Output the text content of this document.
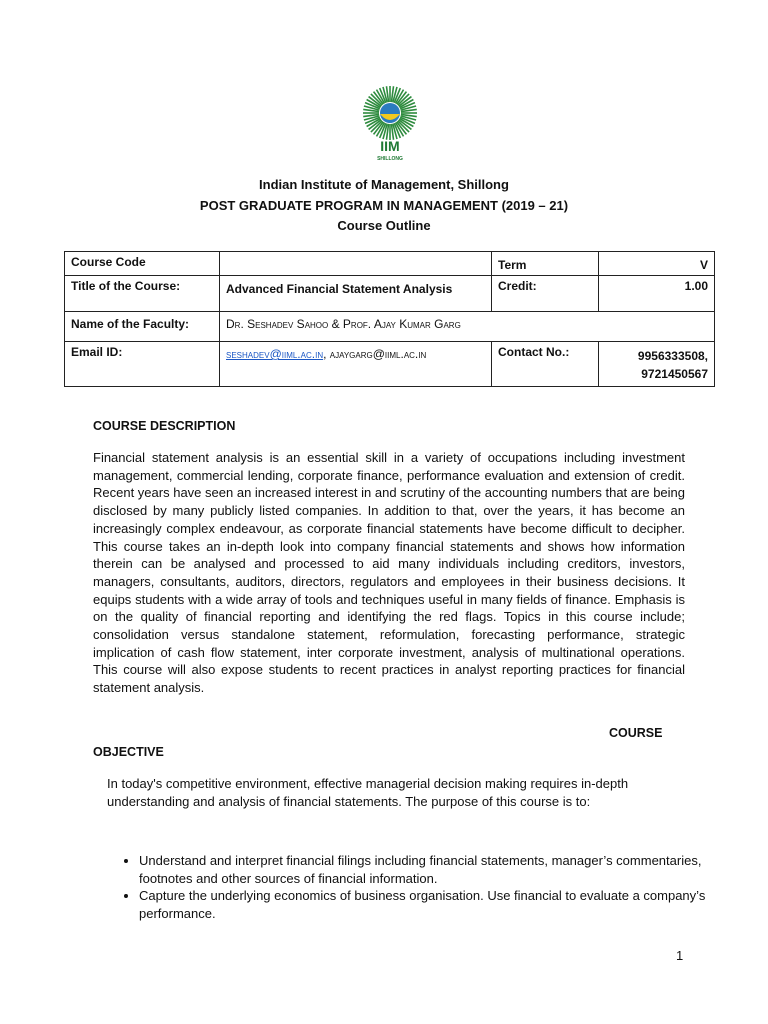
IIM
SHILLONG
Indian Institute of Management, Shillong
POST GRADUATE PROGRAM IN MANAGEMENT (2019 – 21)
Course Outline
Course Code		Term	V
Title of the Course:	Advanced Financial Statement Analysis	Credit:	1.00
Name of the Faculty:	Dr. Seshadev Sahoo & Prof. Ajay Kumar Garg		
Email ID:	seshadev@iiml.ac.in, ajaygarg@iiml.ac.in	Contact No.:	9956333508,
9721450567
COURSE DESCRIPTION
Financial statement analysis is an essential skill in a variety of occupations including investment management, commercial lending, corporate finance, performance evaluation and extension of credit. Recent years have seen an increased interest in and scrutiny of the accounting numbers that are being disclosed by many publicly listed companies. In addition to that, over the years, it has become an increasingly complex endeavour, as corporate financial statements have become difficult to decipher. This course takes an in-depth look into company financial statements and shows how information therein can be analysed and processed to aid many individuals including creditors, investors, managers, consultants, auditors, directors, regulators and employees in their business decisions. It equips students with a wide array of tools and techniques useful in many fields of finance. Emphasis is on the quality of financial reporting and identifying the red flags. Topics in this course include; consolidation versus standalone statement, reformulation, forecasting performance, strategic implication of cash flow statement, inter corporate investment, analysis of multinational operations. This course will also expose students to recent practices in analyst reporting practices for financial statement analysis.
COURSE
OBJECTIVE
In today's competitive environment, effective managerial decision making requires in-depth understanding and analysis of financial statements. The purpose of this course is to:
• Understand and interpret financial filings including financial statements, manager’s commentaries, footnotes and other sources of financial information.
• Capture the underlying economics of business organisation. Use financial to evaluate a company’s performance.
1
